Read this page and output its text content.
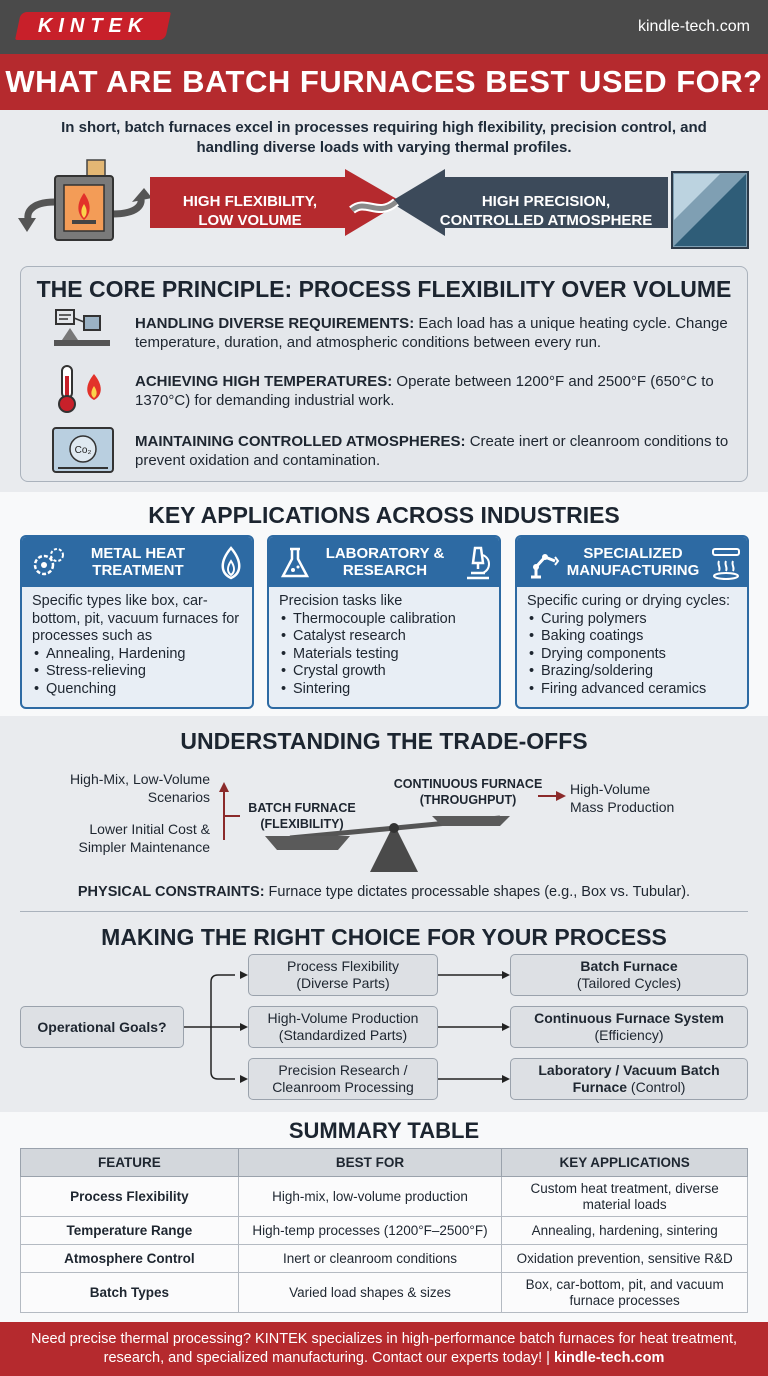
KINTEK	kindle-tech.com
WHAT ARE BATCH FURNACES BEST USED FOR?
In short, batch furnaces excel in processes requiring high flexibility, precision control, and handling diverse loads with varying thermal profiles.
HIGH FLEXIBILITY,
LOW VOLUME
HIGH PRECISION,
CONTROLLED ATMOSPHERE
THE CORE PRINCIPLE: PROCESS FLEXIBILITY OVER VOLUME
Co₂
HANDLING DIVERSE REQUIREMENTS: Each load has a unique heating cycle. Change temperature, duration, and atmospheric conditions between every run.
ACHIEVING HIGH TEMPERATURES: Operate between 1200°F and 2500°F (650°C to 1370°C) for demanding industrial work.
MAINTAINING CONTROLLED ATMOSPHERES: Create inert or cleanroom conditions to prevent oxidation and contamination.
KEY APPLICATIONS ACROSS INDUSTRIES
METAL HEAT TREATMENT
Specific types like box, car-bottom, pit, vacuum furnaces for processes such as
• Annealing, Hardening
• Stress-relieving
• Quenching
LABORATORY & RESEARCH
Precision tasks like
• Thermocouple calibration
• Catalyst research
• Materials testing
• Crystal growth
• Sintering
SPECIALIZED MANUFACTURING
Specific curing or drying cycles:
• Curing polymers
• Baking coatings
• Drying components
• Brazing/soldering
• Firing advanced ceramics
UNDERSTANDING THE TRADE-OFFS
High-Mix, Low-Volume
Scenarios
Lower Initial Cost &
Simpler Maintenance
BATCH FURNACE
(FLEXIBILITY)
CONTINUOUS FURNACE
(THROUGHPUT)
High-Volume
Mass Production
PHYSICAL CONSTRAINTS: Furnace type dictates processable shapes (e.g., Box vs. Tubular).
MAKING THE RIGHT CHOICE FOR YOUR PROCESS
Operational Goals?
Process Flexibility
(Diverse Parts)
High-Volume Production
(Standardized Parts)
Precision Research /
Cleanroom Processing
Batch Furnace
(Tailored Cycles)
Continuous Furnace System
(Efficiency)
Laboratory / Vacuum Batch
Furnace (Control)
SUMMARY TABLE
FEATURE	BEST FOR	KEY APPLICATIONS
Process Flexibility	High-mix, low-volume production	Custom heat treatment, diverse material loads
Temperature Range	High-temp processes (1200°F–2500°F)	Annealing, hardening, sintering
Atmosphere Control	Inert or cleanroom conditions	Oxidation prevention, sensitive R&D
Batch Types	Varied load shapes & sizes	Box, car-bottom, pit, and vacuum furnace processes
Need precise thermal processing? KINTEK specializes in high-performance batch furnaces for heat treatment, research, and specialized manufacturing. Contact our experts today! | kindle-tech.com
